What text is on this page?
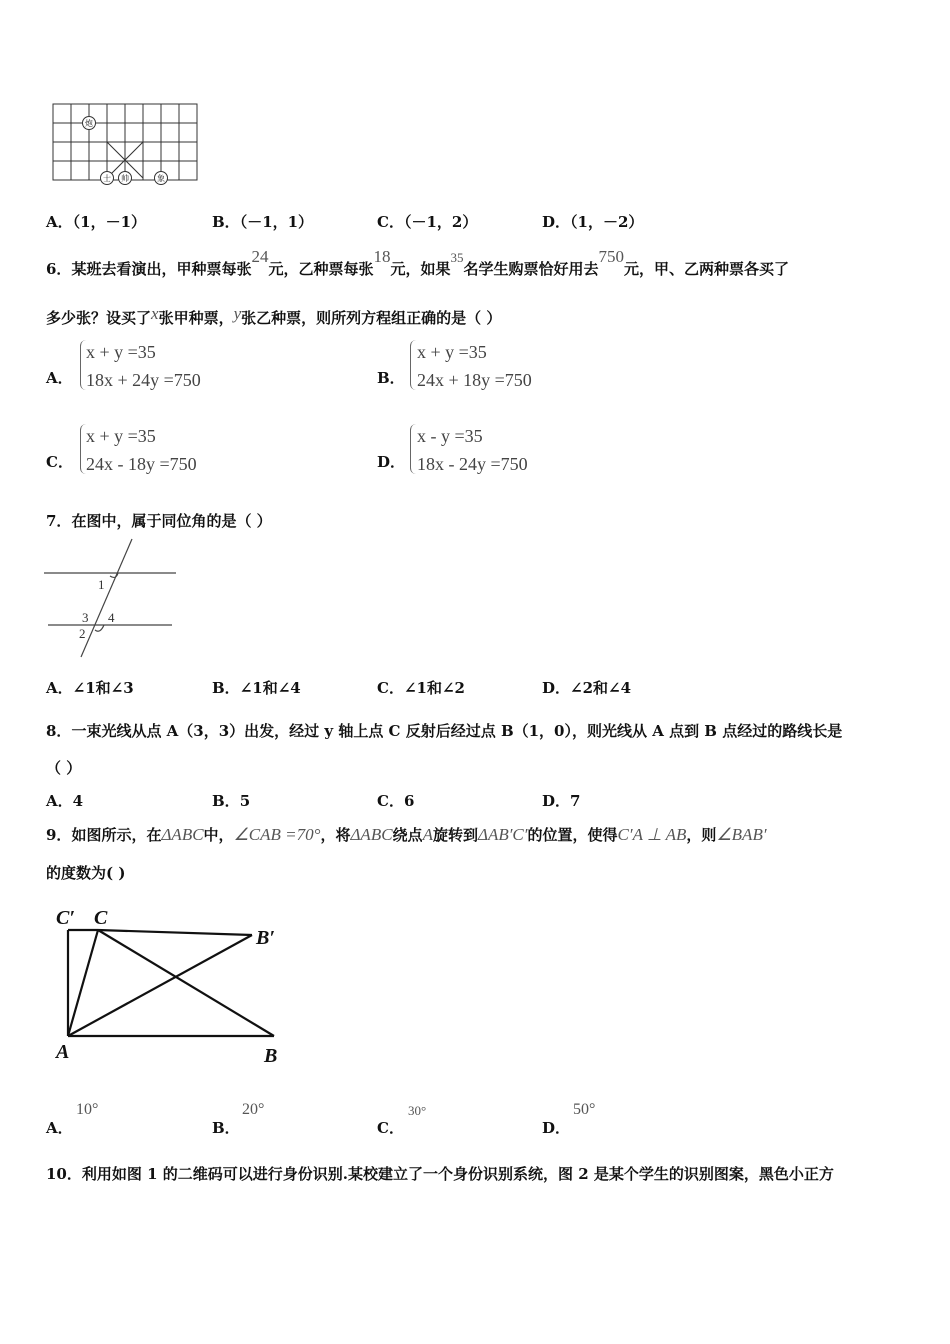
炮
士 帅	象
A．（1，－1）	B．（－1，1）	C．（－1，2）	D．（1，－2）
6．某班去看演出，甲种票每张24元，乙种票每张18元，如果35名学生购票恰好用去750元，甲、乙两种票各买了
多少张？设买了x张甲种票，y张乙种票，则所列方程组正确的是（ ）
A．
x + y =35
18x + 24y =750	B．
x + y =35
24x + 18y =750
C．
x + y =35
24x - 18y =750	D．
x - y =35
18x - 24y =750
7．在图中，属于同位角的是（ ）
1
3 4
2
A．∠1和∠3	B．∠1和∠4	C．∠1和∠2	D．∠2和∠4
8．一束光线从点 A（3，3）出发，经过 y 轴上点 C 反射后经过点 B（1，0），则光线从 A 点到 B 点经过的路线长是
（ ）
A．4	B．5	C．6	D．7
9．如图所示，在ΔABC中，∠CAB =70°，将ΔABC绕点A旋转到ΔAB′C′的位置，使得C′A ⊥ AB，则∠BAB′
的度数为( )
C′ C
B′
A	B
A．
10°
B．
20°
C．
30°
D．
50°
10．利用如图 1 的二维码可以进行身份识别.某校建立了一个身份识别系统，图 2 是某个学生的识别图案，黑色小正方
